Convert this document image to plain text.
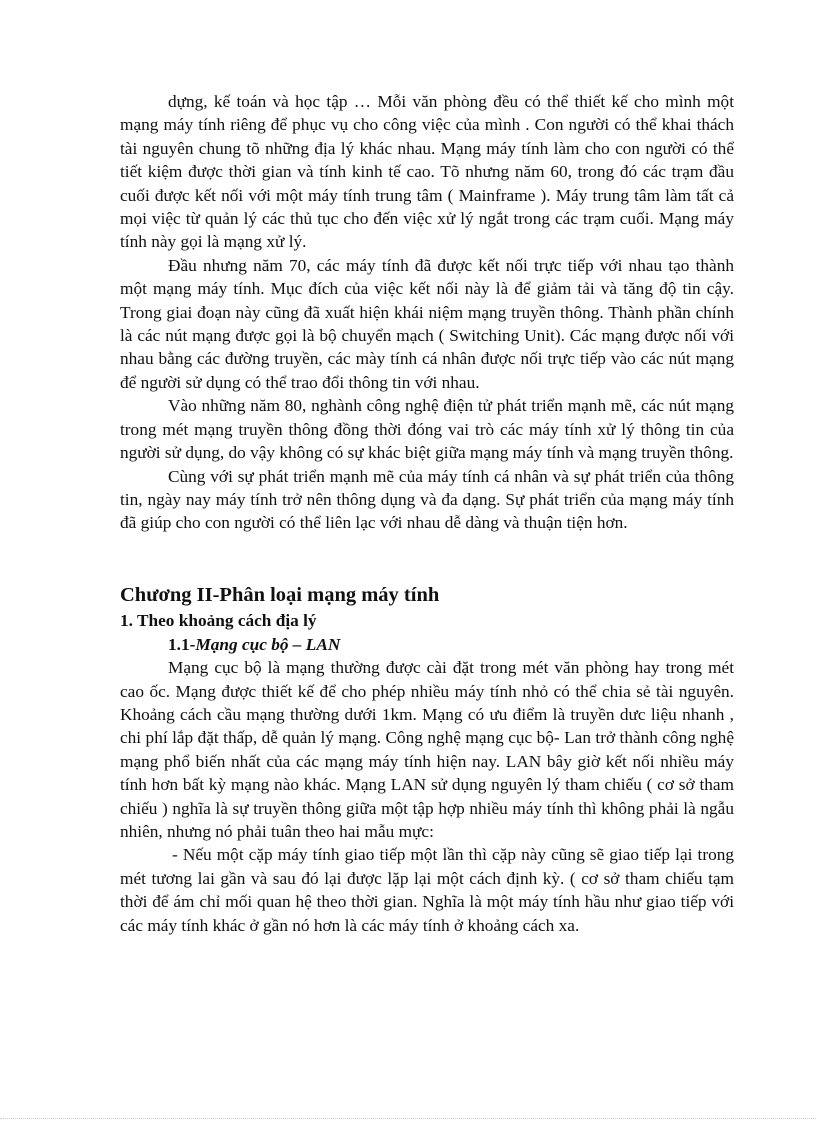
dựng, kế toán và học tập … Mỗi văn phòng đều có thể thiết kế cho mình một mạng máy tính riêng để phục vụ cho công việc của mình . Con người có thể khai thách tài nguyên chung tõ những địa lý khác nhau. Mạng máy tính làm cho con người có thể tiết kiệm được thời gian và tính kinh tế cao. Tõ nhưng năm 60, trong đó các trạm đầu cuối được kết nối với một máy tính trung tâm ( Mainframe ). Máy trung tâm làm tất cả mọi việc từ quản lý các thủ tục cho đến việc xử lý ngắt trong các trạm cuối. Mạng máy tính này gọi là mạng xử lý.

Đầu nhưng năm 70, các máy tính đã được kết nối trực tiếp với nhau tạo thành một mạng máy tính. Mục đích của việc kết nối này là để giảm tải và tăng độ tin cậy. Trong giai đoạn này cũng đã xuất hiện khái niệm mạng truyền thông. Thành phần chính là các nút mạng được gọi là bộ chuyển mạch ( Switching Unit). Các mạng được nối với nhau bằng các đường truyền, các mày tính cá nhân được nối trực tiếp vào các nút mạng để người sử dụng có thể trao đổi thông tin với nhau.

Vào những năm 80, nghành công nghệ điện tử phát triển mạnh mẽ, các nút mạng trong mét mạng truyền thông đồng thời đóng vai trò các máy tính xử lý thông tin của người sử dụng, do vậy không có sự khác biệt giữa mạng máy tính và mạng truyền thông.

Cùng với sự phát triển mạnh mẽ của máy tính cá nhân và sự phát triển của thông tin, ngày nay máy tính trở nên thông dụng và đa dạng. Sự phát triển của mạng máy tính đã giúp cho con người có thể liên lạc với nhau dễ dàng và thuận tiện hơn.

Chương II-Phân loại mạng máy tính
1. Theo khoảng cách địa lý
1.1-Mạng cục bộ – LAN

Mạng cục bộ là mạng thường được cài đặt trong mét văn phòng hay trong mét cao ốc. Mạng được thiết kế để cho phép nhiều máy tính nhỏ có thể chia sẻ tài nguyên. Khoảng cách cầu mạng thường dưới 1km. Mạng có ưu điểm là truyền dưc liệu nhanh , chi phí lắp đặt thấp, dễ quản lý mạng. Công nghệ mạng cục bộ- Lan trở thành công nghệ mạng phổ biến nhất của các mạng máy tính hiện nay. LAN bây giờ kết nối nhiều máy tính hơn bất kỳ mạng nào khác. Mạng LAN sử dụng nguyên lý tham chiếu ( cơ sở tham chiếu ) nghĩa là sự truyền thông giữa một tập hợp nhiều máy tính thì không phải là ngẫu nhiên, nhưng nó phải tuân theo hai mẫu mực:

- Nếu một cặp máy tính giao tiếp một lần thì cặp này cũng sẽ giao tiếp lại trong mét tương lai gần và sau đó lại được lặp lại một cách định kỳ. ( cơ sở tham chiếu tạm thời để ám chỉ mối quan hệ theo thời gian. Nghĩa là một máy tính hầu như giao tiếp với các máy tính khác ở gần nó hơn là các máy tính ở khoảng cách xa.
